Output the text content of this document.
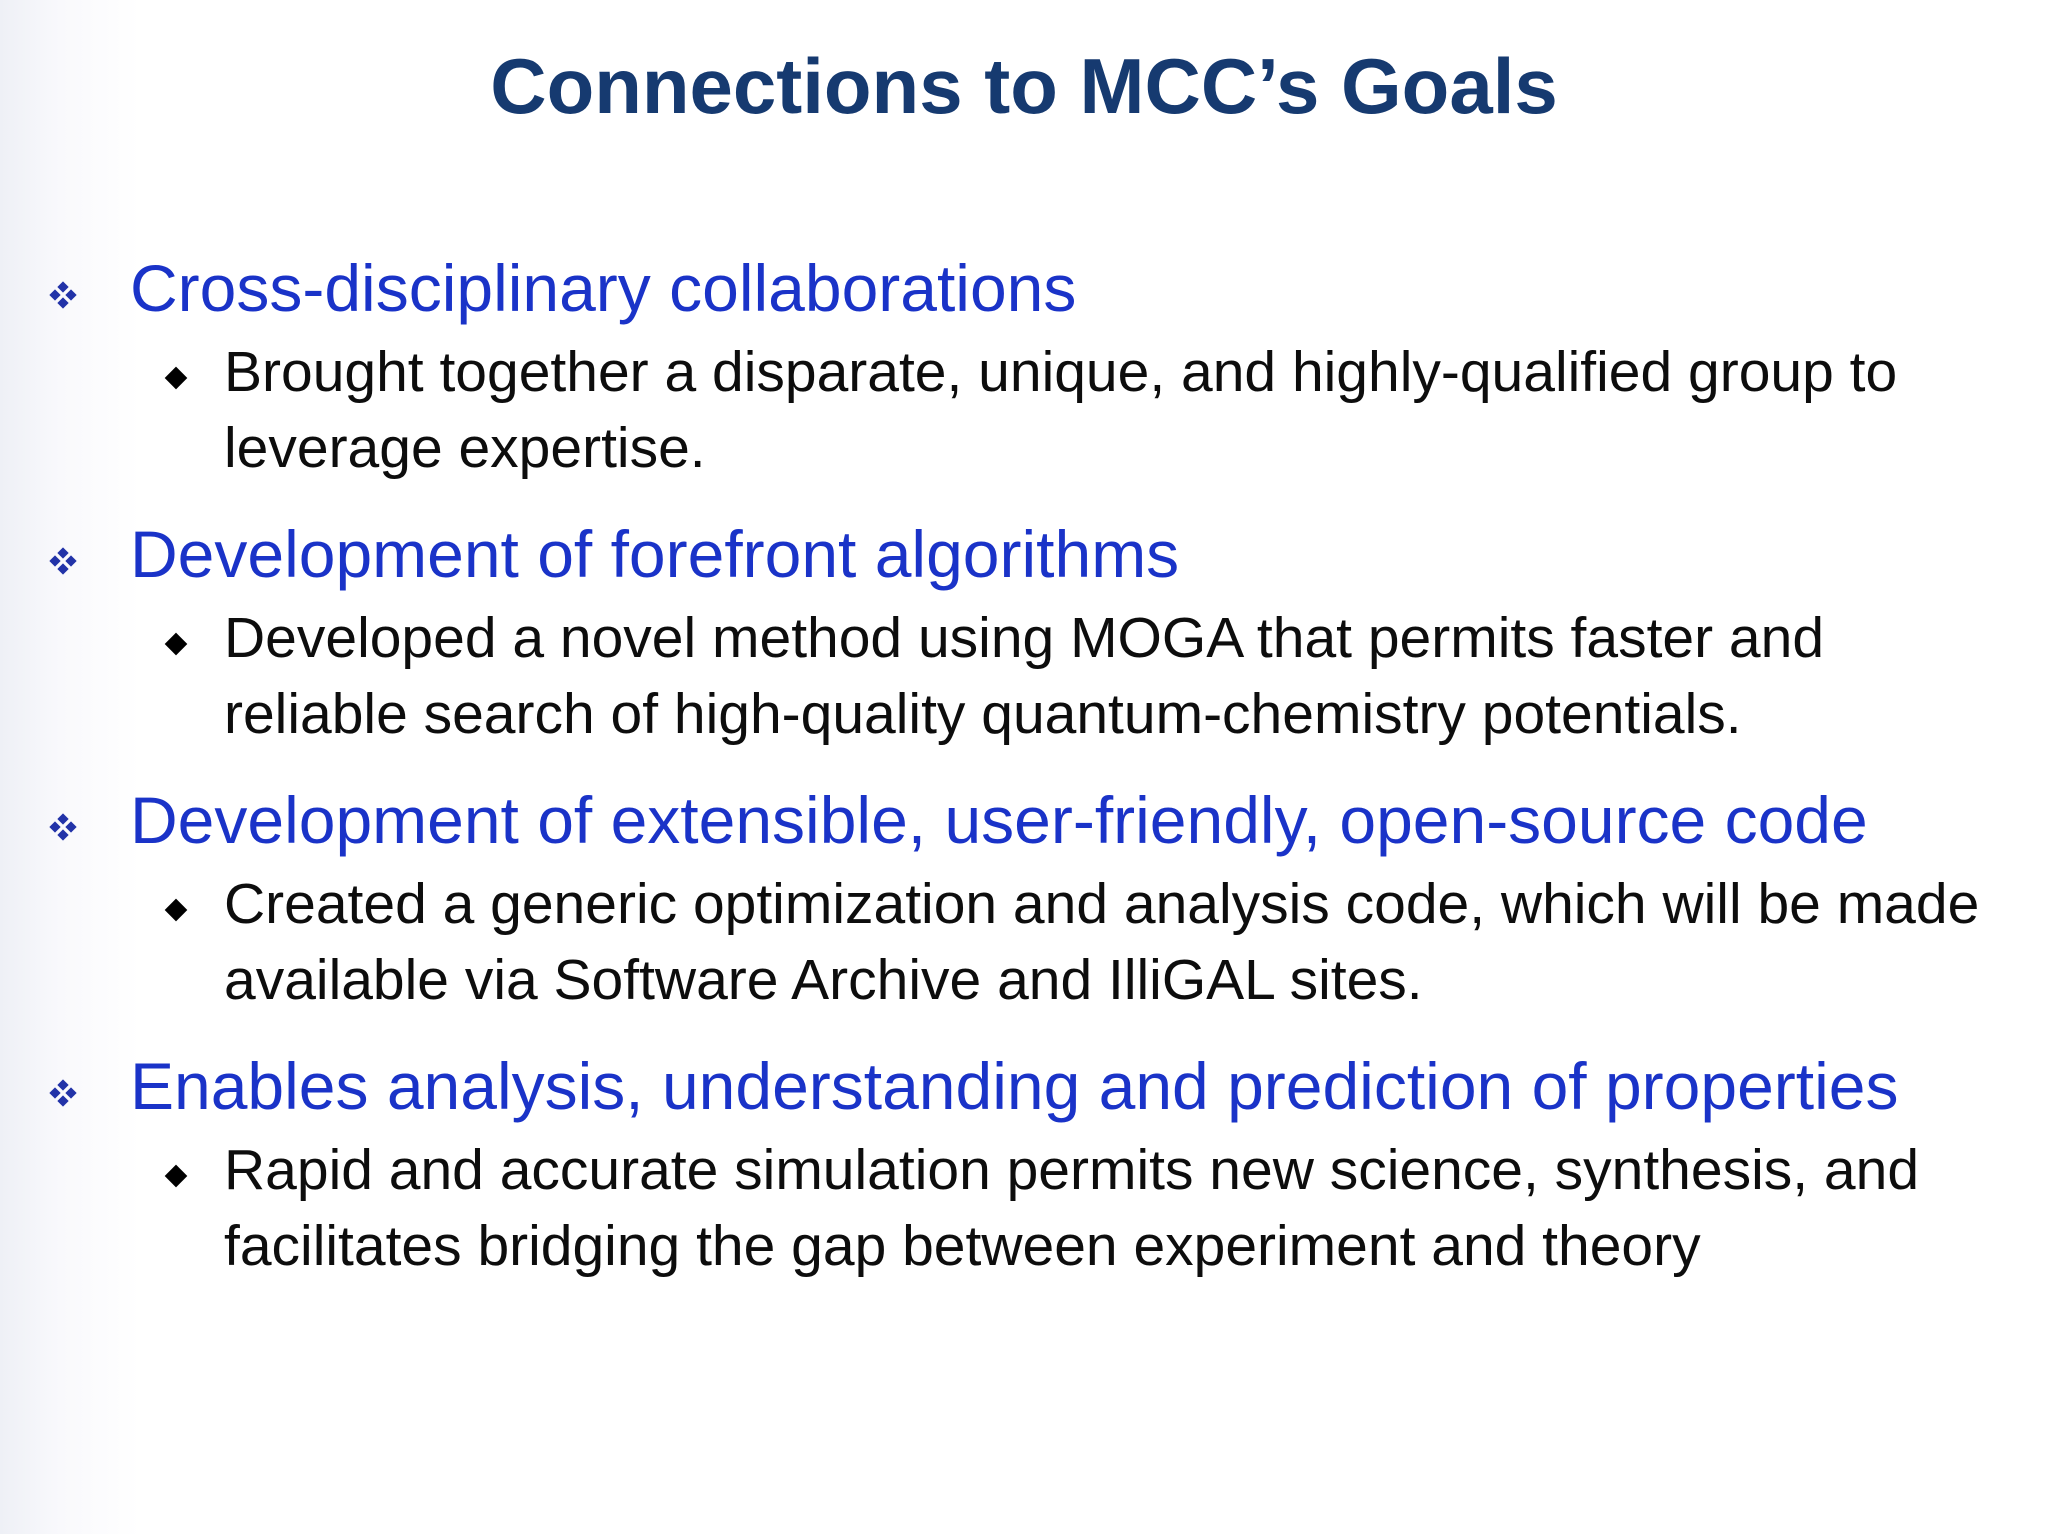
Connections to MCC’s Goals
Cross-disciplinary collaborations
Brought together a disparate, unique, and highly-qualified group to leverage expertise.
Development of forefront algorithms
Developed a novel method using MOGA that permits faster and reliable search of high-quality quantum-chemistry potentials.
Development of extensible, user-friendly, open-source code
Created a generic optimization and analysis code, which will be made available via Software Archive and IlliGAL sites.
Enables analysis, understanding and prediction of properties
Rapid and accurate simulation permits new science, synthesis, and facilitates bridging the gap between experiment and theory
